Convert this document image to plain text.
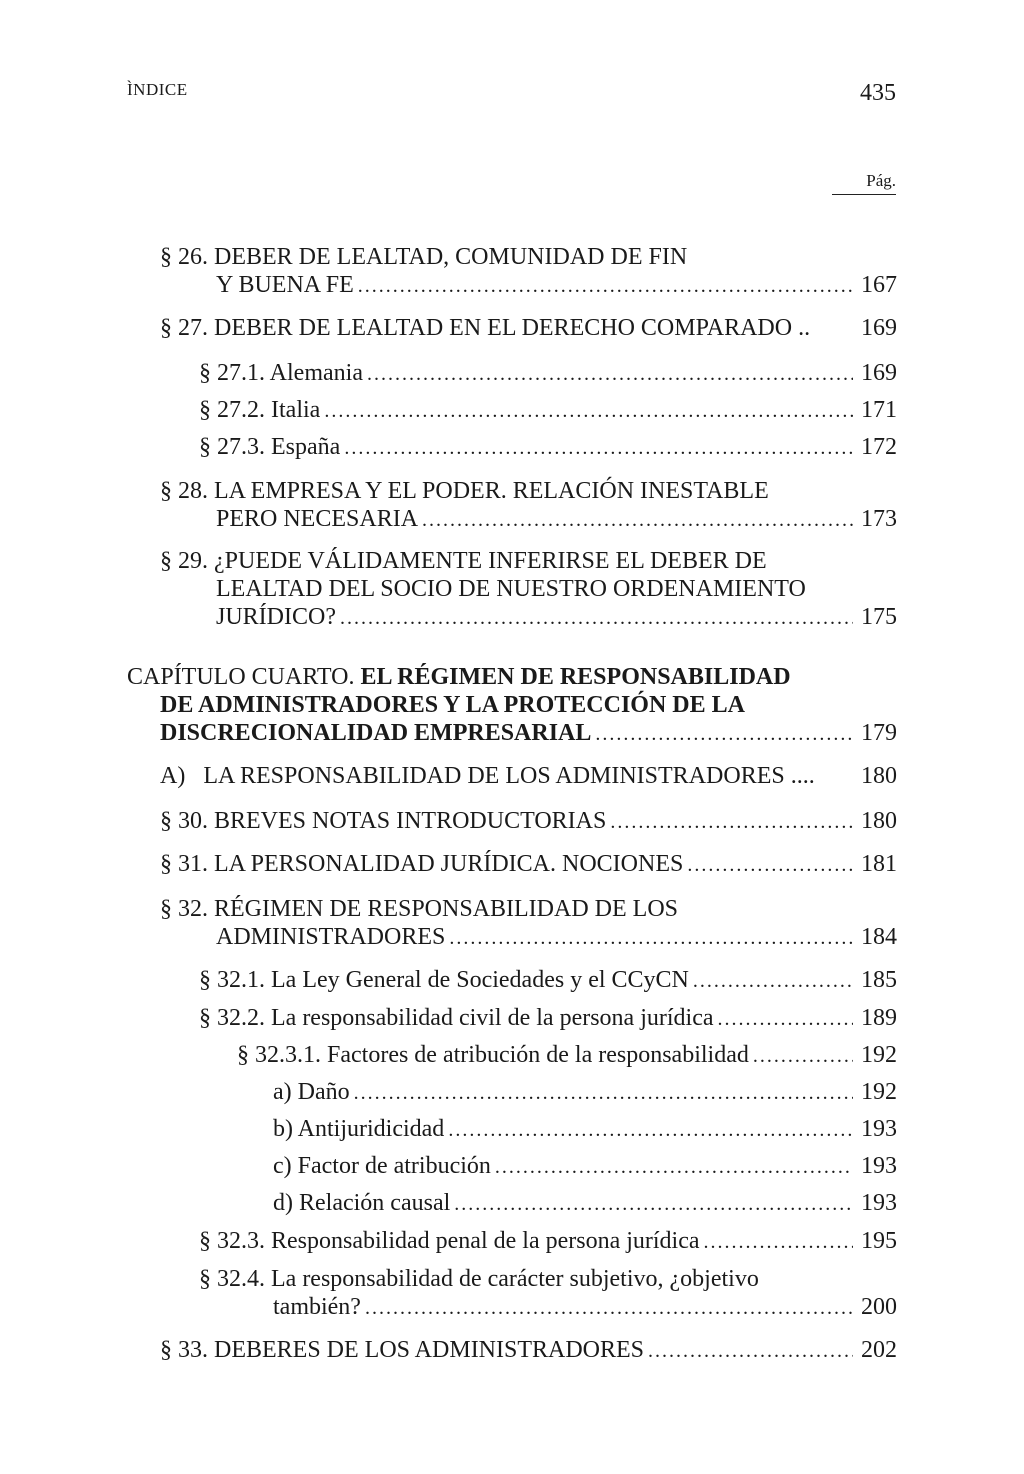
ÌNDICE	435
Pág.
§ 26. DEBER DE LEALTAD, COMUNIDAD DE FIN
Y BUENA FE .....	167
§ 27. DEBER DE LEALTAD EN EL DERECHO COMPARADO .. 169
§ 27.1. Alemania .....	169
§ 27.2. Italia .....	171
§ 27.3. España .....	172
§ 28. LA EMPRESA Y EL PODER. RELACIÓN INESTABLE
PERO NECESARIA .....	173
§ 29. ¿PUEDE VÁLIDAMENTE INFERIRSE EL DEBER DE
LEALTAD DEL SOCIO DE NUESTRO ORDENAMIENTO
JURÍDICO? .....	175
CAPÍTULO CUARTO. EL RÉGIMEN DE RESPONSABILIDAD
DE ADMINISTRADORES Y LA PROTECCIÓN DE LA
DISCRECIONALIDAD EMPRESARIAL .....	179
A)   LA RESPONSABILIDAD DE LOS ADMINISTRADORES .... 180
§ 30. BREVES NOTAS INTRODUCTORIAS .....	180
§ 31. LA PERSONALIDAD JURÍDICA. NOCIONES .....	181
§ 32. RÉGIMEN DE RESPONSABILIDAD DE LOS
ADMINISTRADORES .....	184
§ 32.1. La Ley General de Sociedades y el CCyCN .....	185
§ 32.2. La responsabilidad civil de la persona jurídica .....	189
§ 32.3.1. Factores de atribución de la responsabilidad .....	192
a) Daño .....	192
b) Antijuridicidad .....	193
c) Factor de atribución .....	193
d) Relación causal .....	193
§ 32.3. Responsabilidad penal de la persona jurídica .....	195
§ 32.4. La responsabilidad de carácter subjetivo, ¿objetivo
también? .....	200
§ 33. DEBERES DE LOS ADMINISTRADORES .....	202
